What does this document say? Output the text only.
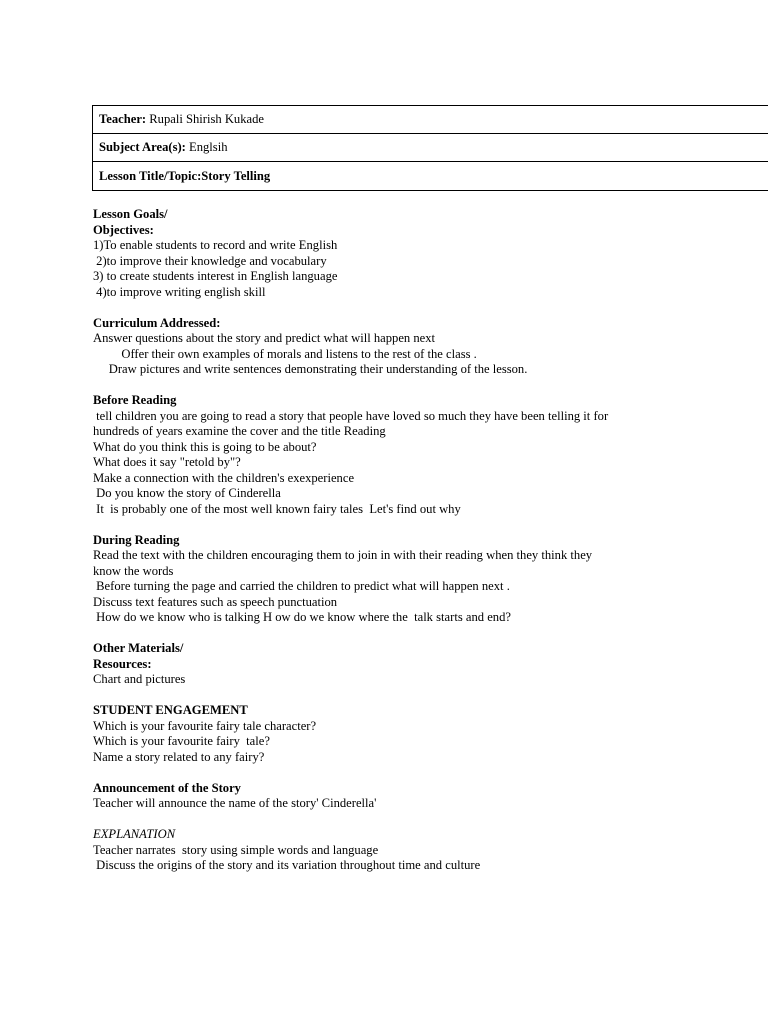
Teacher:
Rupali Shirish Kukade
Subject Area(s):
Englsih
Lesson Title/Topic: Story Telling
Lesson Goals/
Objectives:
1)To enable students to record and write English
2)to improve their knowledge and vocabulary
3) to create students interest in English language
4)to improve writing english skill
Curriculum Addressed:
Answer questions about the story and predict what will happen next
Offer their own examples of morals and listens to the rest of the class .
Draw pictures and write sentences demonstrating their understanding of the lesson.
Before Reading
tell children you are going to read a story that people have loved so much they have been telling it for
hundreds of years examine the cover and the title Reading
What do you think this is going to be about?
What does it say "retold by"?
Make a connection with the children's exexperience
Do you know the story of Cinderella
It  is probably one of the most well known fairy tales  Let's find out why
During Reading
Read the text with the children encouraging them to join in with their reading when they think they
know the words
Before turning the page and carried the children to predict what will happen next .
Discuss text features such as speech punctuation
How do we know who is talking H ow do we know where the  talk starts and end?
Other Materials/
Resources:
Chart and pictures
STUDENT ENGAGEMENT
Which is your favourite fairy tale character?
Which is your favourite fairy  tale?
Name a story related to any fairy?
Announcement of the Story
Teacher will announce the name of the story' Cinderella'
EXPLANATION
Teacher narrates  story using simple words and language
Discuss the origins of the story and its variation throughout time and culture
